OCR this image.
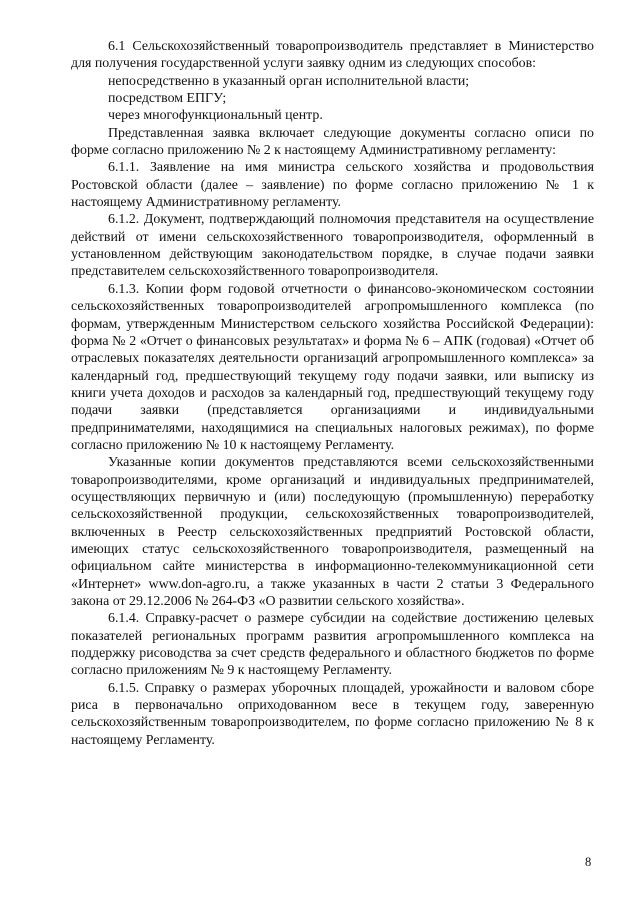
6.1 Сельскохозяйственный товаропроизводитель представляет в Министерство для получения государственной услуги заявку одним из следующих способов:

непосредственно в указанный орган исполнительной власти;

посредством ЕПГУ;

через многофункциональный центр.

Представленная заявка включает следующие документы согласно описи по форме согласно приложению № 2 к настоящему Административному регламенту:

6.1.1. Заявление на имя министра сельского хозяйства и продовольствия Ростовской области (далее – заявление) по форме согласно приложению № 1 к настоящему Административному регламенту.

6.1.2. Документ, подтверждающий полномочия представителя на осуществление действий от имени сельскохозяйственного товаропроизводителя, оформленный в установленном действующим законодательством порядке, в случае подачи заявки представителем сельскохозяйственного товаропроизводителя.

6.1.3. Копии форм годовой отчетности о финансово-экономическом состоянии сельскохозяйственных товаропроизводителей агропромышленного комплекса (по формам, утвержденным Министерством сельского хозяйства Российской Федерации): форма № 2 «Отчет о финансовых результатах» и форма № 6 – АПК (годовая) «Отчет об отраслевых показателях деятельности организаций агропромышленного комплекса» за календарный год, предшествующий текущему году подачи заявки, или выписку из книги учета доходов и расходов за календарный год, предшествующий текущему году подачи заявки (представляется организациями и индивидуальными предпринимателями, находящимися на специальных налоговых режимах), по форме согласно приложению № 10 к настоящему Регламенту.

Указанные копии документов представляются всеми сельскохозяйственными товаропроизводителями, кроме организаций и индивидуальных предпринимателей, осуществляющих первичную и (или) последующую (промышленную) переработку сельскохозяйственной продукции, сельскохозяйственных товаропроизводителей, включенных в Реестр сельскохозяйственных предприятий Ростовской области, имеющих статус сельскохозяйственного товаропроизводителя, размещенный на официальном сайте министерства в информационно-телекоммуникационной сети «Интернет» www.don-agro.ru, а также указанных в части 2 статьи 3 Федерального закона от 29.12.2006 № 264-ФЗ «О развитии сельского хозяйства».

6.1.4. Справку-расчет о размере субсидии на содействие достижению целевых показателей региональных программ развития агропромышленного комплекса на поддержку рисоводства за счет средств федерального и областного бюджетов по форме согласно приложениям № 9 к настоящему Регламенту.

6.1.5. Справку о размерах уборочных площадей, урожайности и валовом сборе риса в первоначально оприходованном весе в текущем году, заверенную сельскохозяйственным товаропроизводителем, по форме согласно приложению № 8 к настоящему Регламенту.

8
